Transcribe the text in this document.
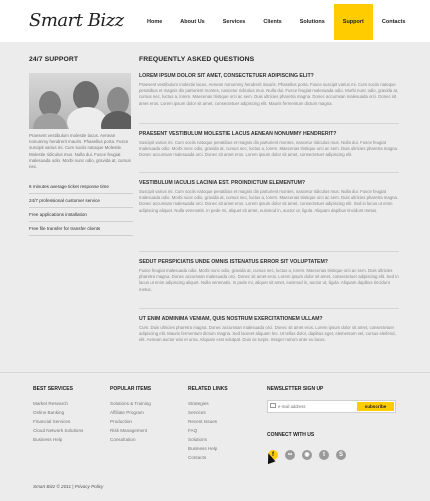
Smart Bizz	Home	About Us	Services	Clients	Solutions	Support	Contacts
24/7 SUPPORT
Praesent vestibulum molestie lacus. Aenean nonummy hendrerit mauris. Phasellus porta. Fusce suscipit varius mi. Cum sociis natoque Molestie. Molestie ridiculus mus. Nulla dui. Fusce feugiat malesuada odio. Morbi nunc odio, gravida at, cursus nec.
6 minutes average ticket response time
24/7 professional customer service
Free applications installation
Free file transfer for transfer clients
FREQUENTLY ASKED QUESTIONS
LOREM IPSUM DOLOR SIT AMET, CONSECTETUER ADIPISCING ELIT?
Praesent vestibulum molestie lacus. Aenean nonummy hendrerit mauris. Phasellus porta. Fusce suscipit varius mi. Cum sociis natoque penatibus et magnis dis parturient montes, nascetur ridiculus mus. Nulla dui. Fusce feugiat malesuada odio. Morbi nunc odio, gravida at, cursus nec, luctus a, lorem. Maecenas tristique orci ac sem. Duis ultricies pharetra magna. Donec accumsan malesuada orci. Donec sit amet eros. Lorem ipsum dolor sit amet, consectetuer adipiscing elit. Mauris fermentum dictum magna.
PRAESENT VESTIBULUM MOLESTIE LACUS AENEAN NONUMMY HENDRERIT?
Suscipit varius mi. Cum sociis natoque penatibus et magnis dis parturient montes, nascetur ridiculus mus. Nulla dui. Fusce feugiat malesuada odio. Morbi nunc odio, gravida at, cursus nec, luctus a, lorem. Maecenas tristique orci ac sem. Duis ultricies pharetra magna. Donec accumsan malesuada orci. Donec sit amet eros. Lorem ipsum dolor sit amet, consectetuer adipiscing elit.
VESTIBULUM IACULIS LACINIA EST. PROINDICTUM ELEMENTUM?
Suscipit varius mi. Cum sociis natoque penatibus et magnis dis parturient montes, nascetur ridiculus mus. Nulla dui. Fusce feugiat malesuada odio. Morbi nunc odio, gravida at, cursus nec, luctus a, lorem. Maecenas tristique orci ac sem. Duis ultricies pharetra magna. Donec accumsan malesuada orci. Donec sit amet eros. Lorem ipsum dolor sit amet, consectetuer adipiscing elit. Sed in lacus ut enim adipiscing aliquet. Nulla venenatis. In pede mi, aliquet sit amet, euismod in, auctor ut, ligula. Aliquam dapibus tincidunt metus.
SEDUT PERSPICIATIS UNDE OMNIS ISTENATUS ERROR SIT VOLUPTATEM?
Fusce feugiat malesuada odio. Morbi nunc odio, gravida at, cursus nec, luctus a, lorem. Maecenas tristique orci ac sem. Duis ultricies pharetra magna. Donec accumsan malesuada orci. Donec sit amet eros. Lorem ipsum dolor sit amet, consectetuer adipiscing elit. Sed in lacus ut enim adipiscing aliquet. Nulla venenatis. In pede mi, aliquet sit amet, euismod in, auctor ut, ligula. Aliquam dapibus tincidunt metus.
UT ENIM ADMINIMA VENIAM, QUIS NOSTRUM EXERCITATIONEM ULLAM?
Cum. Duis ultricies pharetra magna. Donec accumsan malesuada orci. Donec sit amet eros. Lorem ipsum dolor sit amet, consectetuer adipiscing elit. Mauris fermentum dictum magna. Sed laoreet aliquam leo. Ut tellus dolor, dapibus eget, elementum vel, cursus eleifend, elit. Aenean auctor wisi et urna. Aliquam erat volutpat. Duis ac turpis. Integer rutrum ante eu lacus.
BEST SERVICES
Market Research
Online Banking
Financial Services
Cloud Network Solutions
Business Help
POPULAR ITEMS
Solutions & Training
Affiliate Program
Production
Risk Management
Consultation
RELATED LINKS
Strategies
Services
Recent Issues
FAQ
Solutions
Business Help
Contacts
NEWSLETTER SIGN UP
e-mail address
subscribe
CONNECT WITH US
f	••	◉	t	S
Smart Bizz © 2011 | Privacy Policy
